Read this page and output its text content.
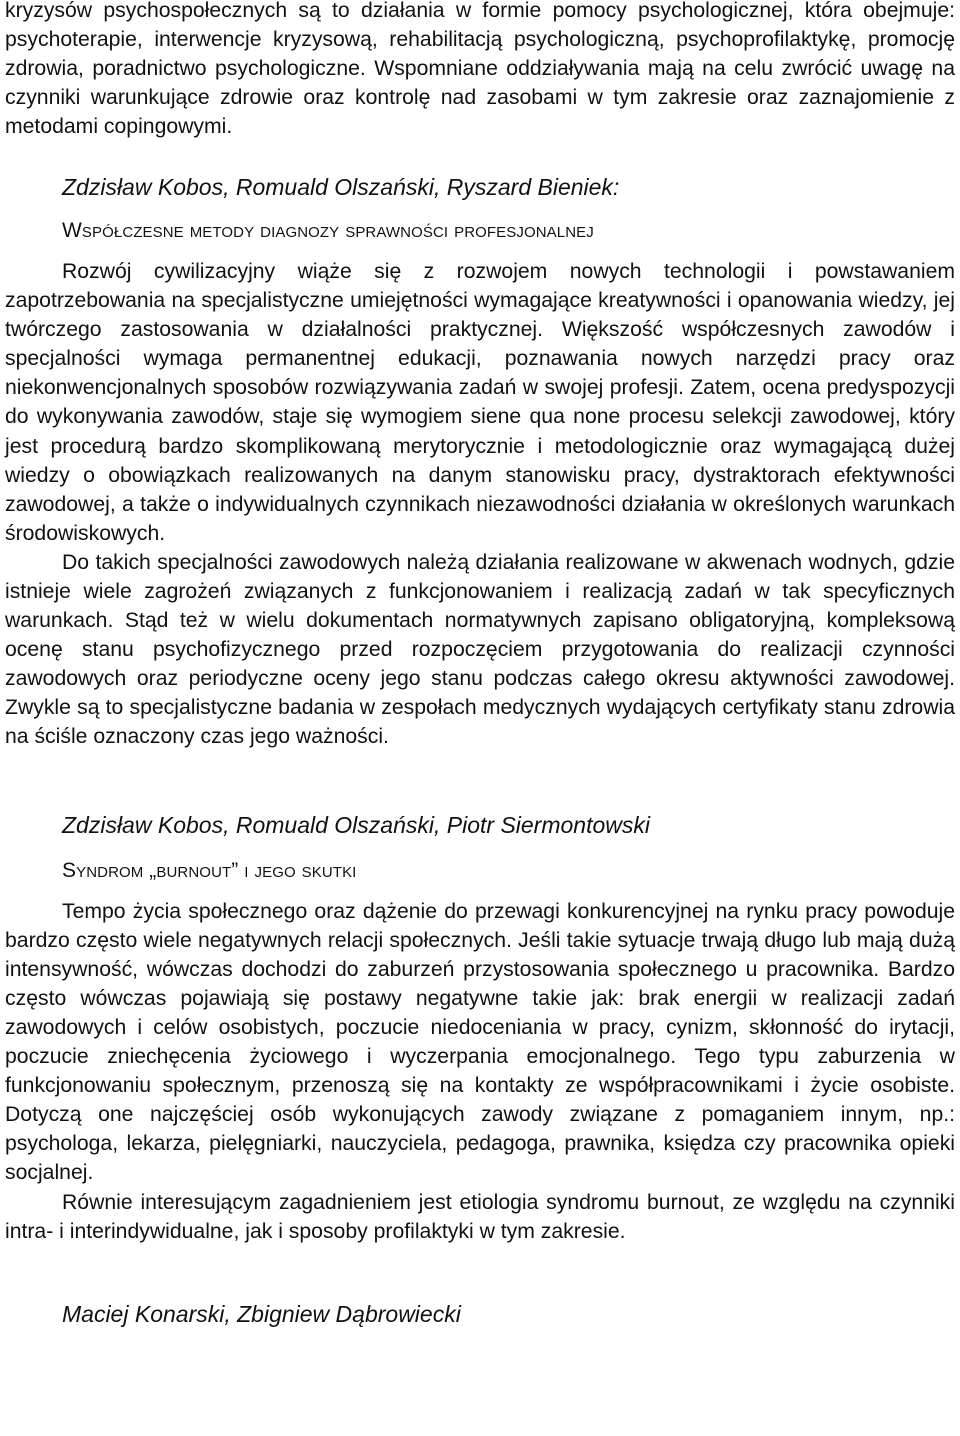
kryzysów psychospołecznych są to działania w formie pomocy psychologicznej, która obejmuje: psychoterapie, interwencje kryzysową, rehabilitacją psychologiczną, psychoprofilaktykę, promocję zdrowia, poradnictwo psychologiczne. Wspomniane oddziaływania mają na celu zwrócić uwagę na czynniki warunkujące zdrowie oraz kontrolę nad zasobami w tym zakresie oraz zaznajomienie z metodami copingowymi.

Zdzisław Kobos, Romuald Olszański, Ryszard Bieniek:
Współczesne metody diagnozy sprawności profesjonalnej

Rozwój cywilizacyjny wiąże się z rozwojem nowych technologii i powstawaniem zapotrzebowania na specjalistyczne umiejętności wymagające kreatywności i opanowania wiedzy, jej twórczego zastosowania w działalności praktycznej. Większość współczesnych zawodów i specjalności wymaga permanentnej edukacji, poznawania nowych narzędzi pracy oraz niekonwencjonalnych sposobów rozwiązywania zadań w swojej profesji. Zatem, ocena predyspozycji do wykonywania zawodów, staje się wymogiem siene qua none procesu selekcji zawodowej, który jest procedurą bardzo skomplikowaną merytorycznie i metodologicznie oraz wymagającą dużej wiedzy o obowiązkach realizowanych na danym stanowisku pracy, dystraktorach efektywności zawodowej, a także o indywidualnych czynnikach niezawodności działania w określonych warunkach środowiskowych.

Do takich specjalności zawodowych należą działania realizowane w akwenach wodnych, gdzie istnieje wiele zagrożeń związanych z funkcjonowaniem i realizacją zadań w tak specyficznych warunkach. Stąd też w wielu dokumentach normatywnych zapisano obligatoryjną, kompleksową ocenę stanu psychofizycznego przed rozpoczęciem przygotowania do realizacji czynności zawodowych oraz periodyczne oceny jego stanu podczas całego okresu aktywności zawodowej. Zwykle są to specjalistyczne badania w zespołach medycznych wydających certyfikaty stanu zdrowia na ściśle oznaczony czas jego ważności.

Zdzisław Kobos, Romuald Olszański, Piotr Siermontowski
Syndrom „burnout” i jego skutki

Tempo życia społecznego oraz dążenie do przewagi konkurencyjnej na rynku pracy powoduje bardzo często wiele negatywnych relacji społecznych. Jeśli takie sytuacje trwają długo lub mają dużą intensywność, wówczas dochodzi do zaburzeń przystosowania społecznego u pracownika. Bardzo często wówczas pojawiają się postawy negatywne takie jak: brak energii w realizacji zadań zawodowych i celów osobistych, poczucie niedoceniania w pracy, cynizm, skłonność do irytacji, poczucie zniechęcenia życiowego i wyczerpania emocjonalnego. Tego typu zaburzenia w funkcjonowaniu społecznym, przenoszą się na kontakty ze współpracownikami i życie osobiste. Dotyczą one najczęściej osób wykonujących zawody związane z pomaganiem innym, np.: psychologa, lekarza, pielęgniarki, nauczyciela, pedagoga, prawnika, księdza czy pracownika opieki socjalnej.

Równie interesującym zagadnieniem jest etiologia syndromu burnout, ze względu na czynniki intra- i interindywidualne, jak i sposoby profilaktyki w tym zakresie.

Maciej Konarski, Zbigniew Dąbrowiecki
